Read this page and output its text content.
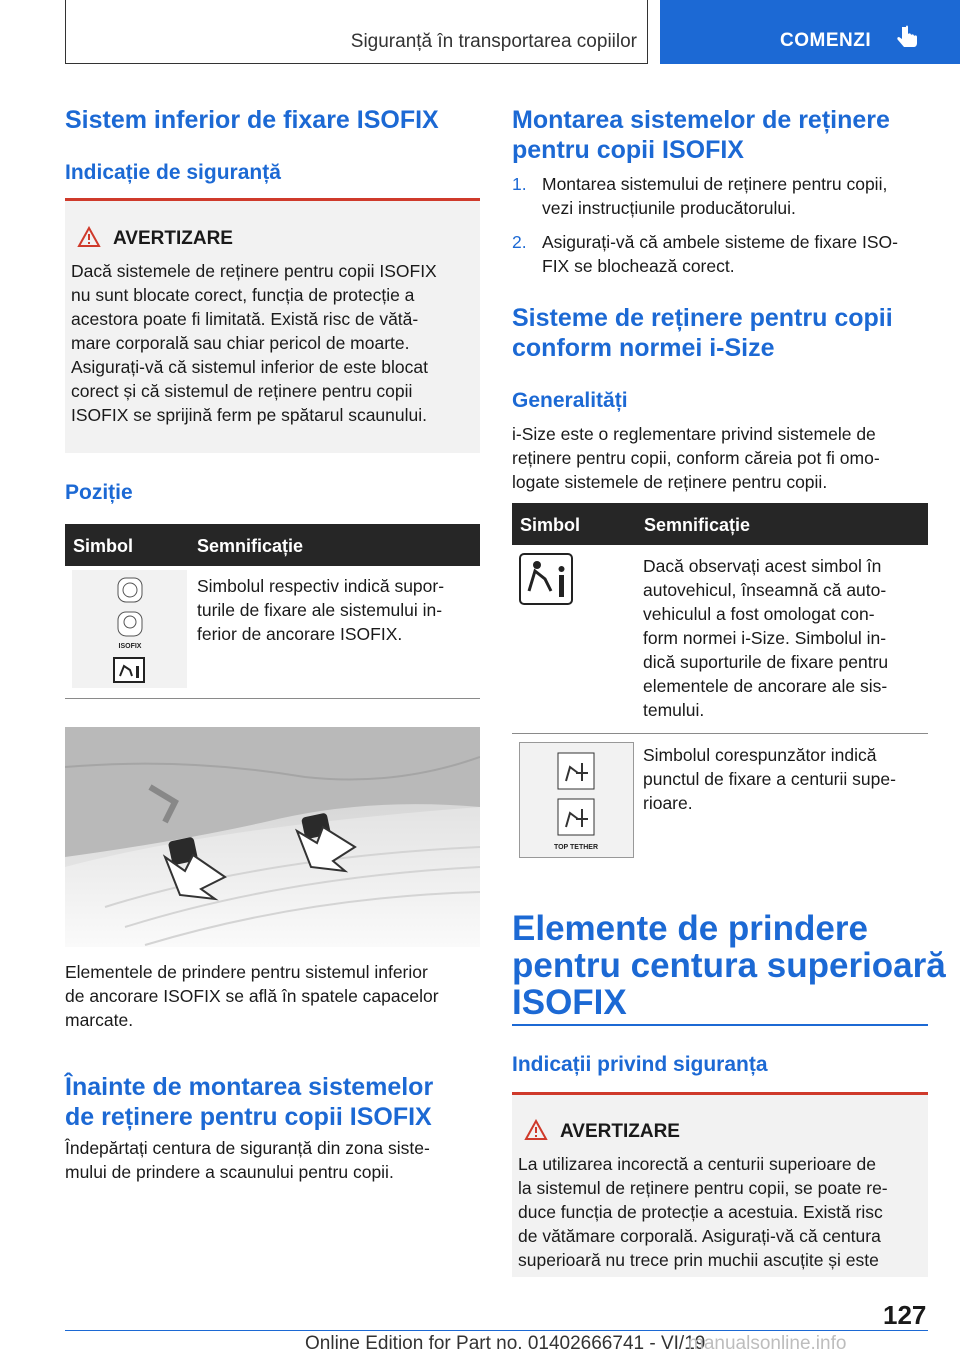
Siguranță în transportarea copiilor	COMENZI
Sistem inferior de fixare ISOFIX
Indicație de siguranță
AVERTIZARE
Dacă sistemele de reținere pentru copii ISOFIX
nu sunt blocate corect, funcția de protecție a
acestora poate fi limitată. Există risc de vătă-
mare corporală sau chiar pericol de moarte.
Asigurați-vă că sistemul inferior de este blocat
corect și că sistemul de reținere pentru copii
ISOFIX se sprijină ferm pe spătarul scaunului.
Poziție
Simbol	Semnificație
ISOFIX
Simbolul respectiv indică supor-
turile de fixare ale sistemului in-
ferior de ancorare ISOFIX.
Elementele de prindere pentru sistemul inferior
de ancorare ISOFIX se află în spatele capacelor
marcate.
Înainte de montarea sistemelor
de reținere pentru copii ISOFIX
Îndepărtați centura de siguranță din zona siste-
mului de prindere a scaunului pentru copii.
Montarea sistemelor de reținere
pentru copii ISOFIX
1. Montarea sistemului de reținere pentru copii,
vezi instrucțiunile producătorului.
2. Asigurați-vă că ambele sisteme de fixare ISO-
FIX se blochează corect.
Sisteme de reținere pentru copii
conform normei i-Size
Generalități
i-Size este o reglementare privind sistemele de
reținere pentru copii, conform căreia pot fi omo-
logate sistemele de reținere pentru copii.
Simbol	Semnificație
Dacă observați acest simbol în
autovehicul, înseamnă că auto-
vehiculul a fost omologat con-
form normei i-Size. Simbolul in-
dică suporturile de fixare pentru
elementele de ancorare ale sis-
temului.
TOP TETHER
Simbolul corespunzător indică
punctul de fixare a centurii supe-
rioare.
Elemente de prindere
pentru centura superioară
ISOFIX
Indicații privind siguranța
AVERTIZARE
La utilizarea incorectă a centurii superioare de
la sistemul de reținere pentru copii, se poate re-
duce funcția de protecție a acestuia. Există risc
de vătămare corporală. Asigurați-vă că centura
superioară nu trece prin muchii ascuțite și este
127
Online Edition for Part no. 01402666741 - VI/19
manualsonline.info
